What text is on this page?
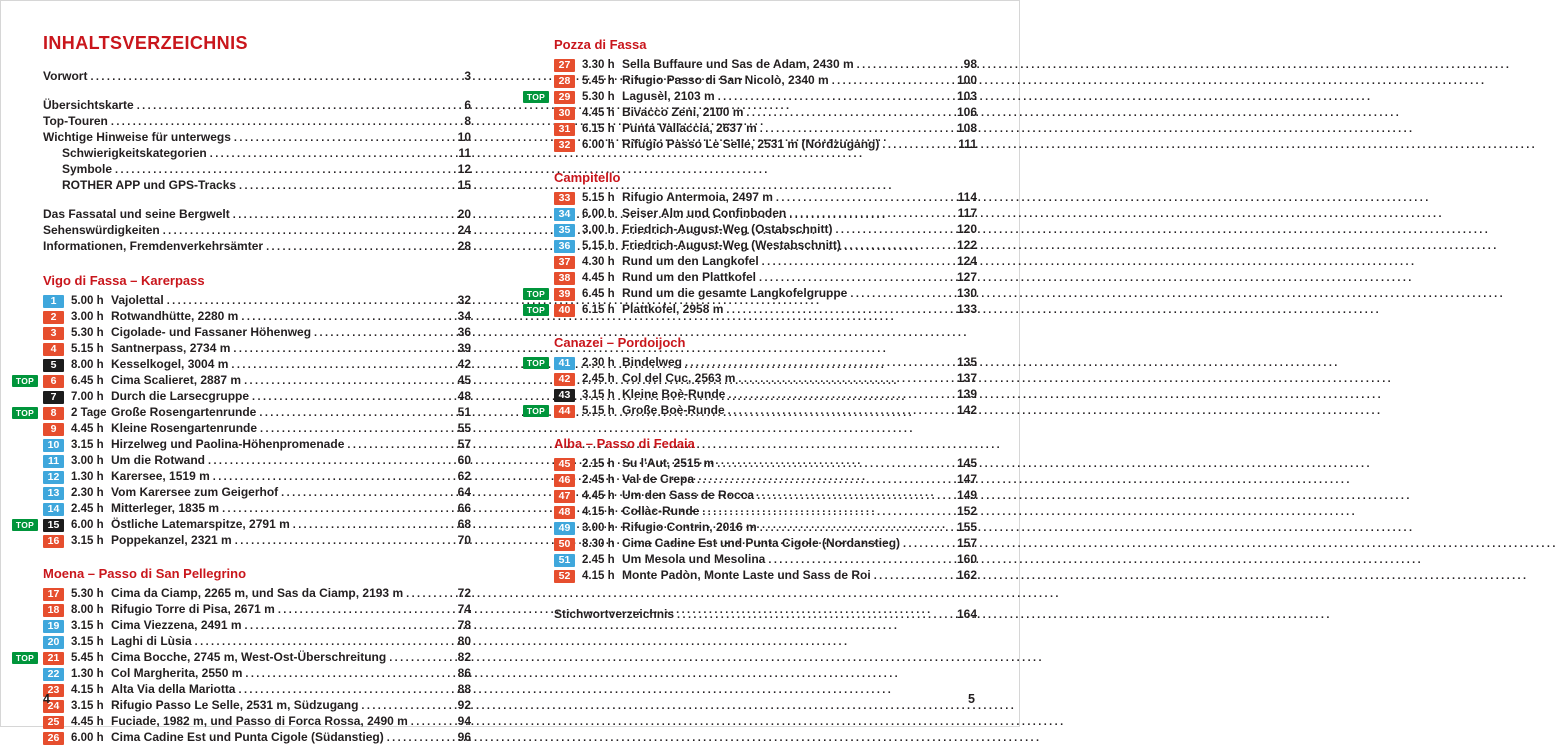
INHALTSVERZEICHNIS
Vorwort .....	3
Übersichtskarte .....	6
Top-Touren .....	8
Wichtige Hinweise für unterwegs .....	10
Schwierigkeitskategorien .....	11
Symbole .....	12
ROTHER APP und GPS-Tracks .....	15
Das Fassatal und seine Bergwelt .....	20
Sehenswürdigkeiten .....	24
Informationen, Fremdenverkehrsämter .....	28
Vigo di Fassa – Karerpass
1	5.00 h Vajolettal .....	32
2	3.00 h Rotwandhütte, 2280 m .....	34
3	5.30 h Cigolade- und Fassaner Höhenweg .....	36
4	5.15 h Santnerpass, 2734 m .....	39
5	8.00 h Kesselkogel, 3004 m .....	42
TOP	6	6.45 h Cima Scalieret, 2887 m .....	45
7	7.00 h Durch die Larsecgruppe .....	48
TOP	8	2 Tage Große Rosengartenrunde .....	51
9	4.45 h Kleine Rosengartenrunde .....	55
10	3.15 h Hirzelweg und Paolina-Höhenpromenade .....	57
11	3.00 h Um die Rotwand .....	60
12	1.30 h Karersee, 1519 m .....	62
13	2.30 h Vom Karersee zum Geigerhof .....	64
14	2.45 h Mitterleger, 1835 m .....	66
TOP	15	6.00 h Östliche Latemarspitze, 2791 m .....	68
16	3.15 h Poppekanzel, 2321 m .....	70
Moena – Passo di San Pellegrino
17	5.30 h Cima da Ciamp, 2265 m, und Sas da Ciamp, 2193 m .....	72
18	8.00 h Rifugio Torre di Pisa, 2671 m .....	74
19	3.15 h Cima Viezzena, 2491 m .....	78
20	3.15 h Laghi di Lùsia .....	80
TOP	21	5.45 h Cima Bocche, 2745 m, West-Ost-Überschreitung .....	82
22	1.30 h Col Margherita, 2550 m .....	86
23	4.15 h Alta Via della Mariotta .....	88
24	3.15 h Rifugio Passo Le Selle, 2531 m, Südzugang .....	92
25	4.45 h Fuciade, 1982 m, und Passo di Forca Rossa, 2490 m .....	94
26	6.00 h Cima Cadine Est und Punta Cigole (Südanstieg) .....	96
Pozza di Fassa
27	3.30 h Sella Buffaure und Sas de Adam, 2430 m .....	98
28	5.45 h Rifugio Passo di San Nicolò, 2340 m .....	100
TOP	29	5.30 h Lagusèl, 2103 m .....	103
30	4.45 h Bivacco Zeni, 2100 m .....	106
31	6.15 h Punta Vallaccia, 2637 m .....	108
32	6.00 h Rifugio Passo Le Selle, 2531 m (Nordzugang) .....	111
Campitello
33	5.15 h Rifugio Antermoia, 2497 m .....	114
34	6.00 h Seiser Alm und Confinboden .....	117
35	3.00 h Friedrich-August-Weg (Ostabschnitt) .....	120
36	5.15 h Friedrich-August-Weg (Westabschnitt) .....	122
37	4.30 h Rund um den Langkofel .....	124
38	4.45 h Rund um den Plattkofel .....	127
TOP	39	6.45 h Rund um die gesamte Langkofelgruppe .....	130
TOP	40	6.15 h Plattkofel, 2958 m .....	133
Canazei – Pordoijoch
TOP	41	2.30 h Bindelweg .....	135
42	2.45 h Col del Cuc, 2563 m .....	137
43	3.15 h Kleine Boè-Runde .....	139
TOP	44	5.15 h Große Boè-Runde .....	142
Alba – Passo di Fedaia
45	2.15 h Su l'Aut, 2515 m .....	145
46	2.45 h Val de Crepa .....	147
47	4.45 h Um den Sass de Rocca .....	149
48	4.15 h Collàc-Runde .....	152
49	3.00 h Rifugio Contrin, 2016 m .....	155
50	8.30 h Cima Cadine Est und Punta Cigole (Nordanstieg) .....	157
51	2.45 h Um Mesola und Mesolina .....	160
52	4.15 h Monte Padòn, Monte Laste und Sass de Roi .....	162
Stichwortverzeichnis .....	164
4	5
